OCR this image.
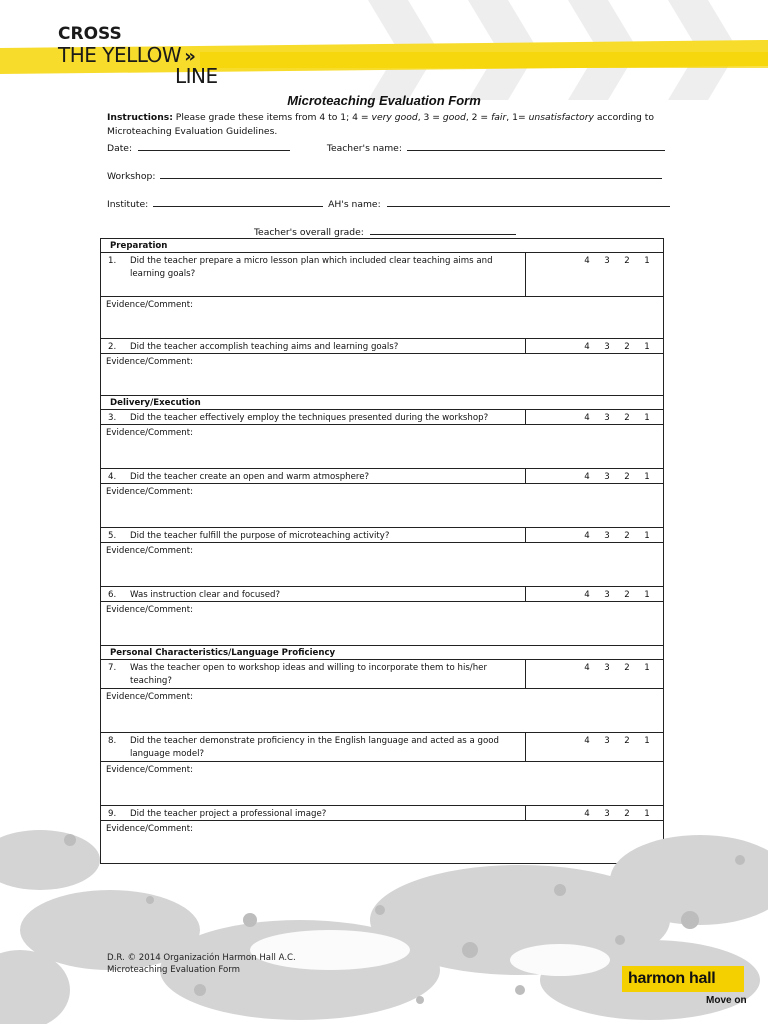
CROSS
THE YELLOW »
LINE
Microteaching Evaluation Form
Instructions: Please grade these items from 4 to 1; 4 = very good, 3 = good, 2 = fair, 1= unsatisfactory according to Microteaching Evaluation Guidelines.
Date:	Teacher's name:
Workshop:
Institute:	AH's name:
Teacher's overall grade:
Preparation
1.	Did the teacher prepare a micro lesson plan which included clear teaching aims and learning goals?
4	3	2	1
Evidence/Comment:
2.	Did the teacher accomplish teaching aims and learning goals?	4	3	2	1
Evidence/Comment:
Delivery/Execution
3.	Did the teacher effectively employ the techniques presented during the workshop?	4	3	2	1
Evidence/Comment:
4.	Did the teacher create an open and warm atmosphere?	4	3	2	1
Evidence/Comment:
5.	Did the teacher fulfill the purpose of microteaching activity?	4	3	2	1
Evidence/Comment:
6.	Was instruction clear and focused?	4	3	2	1
Evidence/Comment:
Personal Characteristics/Language Proficiency
7.	Was the teacher open to workshop ideas and willing to incorporate them to his/her teaching?
4	3	2	1
Evidence/Comment:
8.	Did the teacher demonstrate proficiency in the English language and acted as a good language model?
4	3	2	1
Evidence/Comment:
9.	Did the teacher project a professional image?	4	3	2	1
Evidence/Comment:
D.R. © 2014 Organización Harmon Hall A.C.
Microteaching Evaluation Form	harmon hall
Move on
